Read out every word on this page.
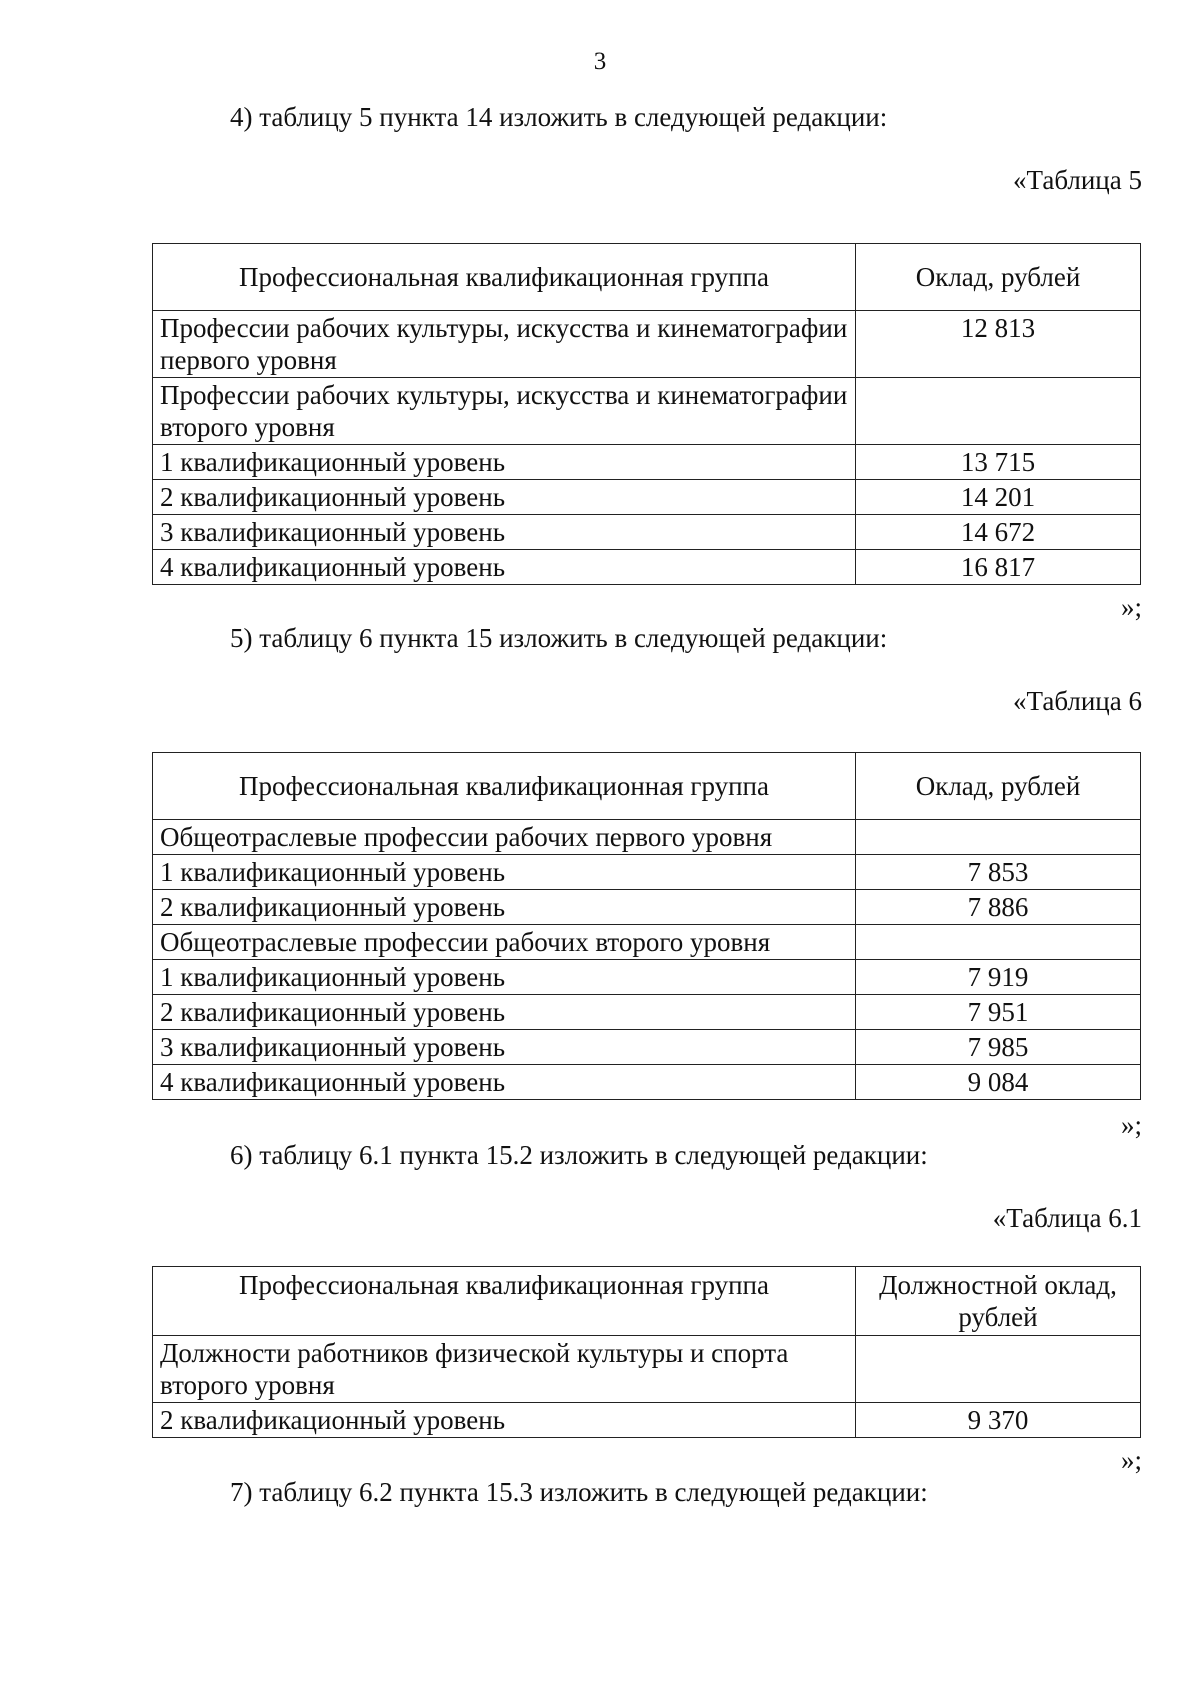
3
4) таблицу 5 пункта 14 изложить в следующей редакции:
«Таблица 5
Профессиональная квалификационная группа	Оклад, рублей
Профессии рабочих культуры, искусства и кинематографии первого уровня	12 813
Профессии рабочих культуры, искусства и кинематографии второго уровня	
1 квалификационный уровень	13 715
2 квалификационный уровень	14 201
3 квалификационный уровень	14 672
4 квалификационный уровень	16 817
»;
5) таблицу 6 пункта 15 изложить в следующей редакции:
«Таблица 6
Профессиональная квалификационная группа	Оклад, рублей
Общеотраслевые профессии рабочих первого уровня	
1 квалификационный уровень	7 853
2 квалификационный уровень	7 886
Общеотраслевые профессии рабочих второго уровня	
1 квалификационный уровень	7 919
2 квалификационный уровень	7 951
3 квалификационный уровень	7 985
4 квалификационный уровень	9 084
»;
6) таблицу 6.1 пункта 15.2 изложить в следующей редакции:
«Таблица 6.1
Профессиональная квалификационная группа	Должностной оклад, рублей
Должности работников физической культуры и спорта второго уровня	
2 квалификационный уровень	9 370
»;
7) таблицу 6.2 пункта 15.3 изложить в следующей редакции:
